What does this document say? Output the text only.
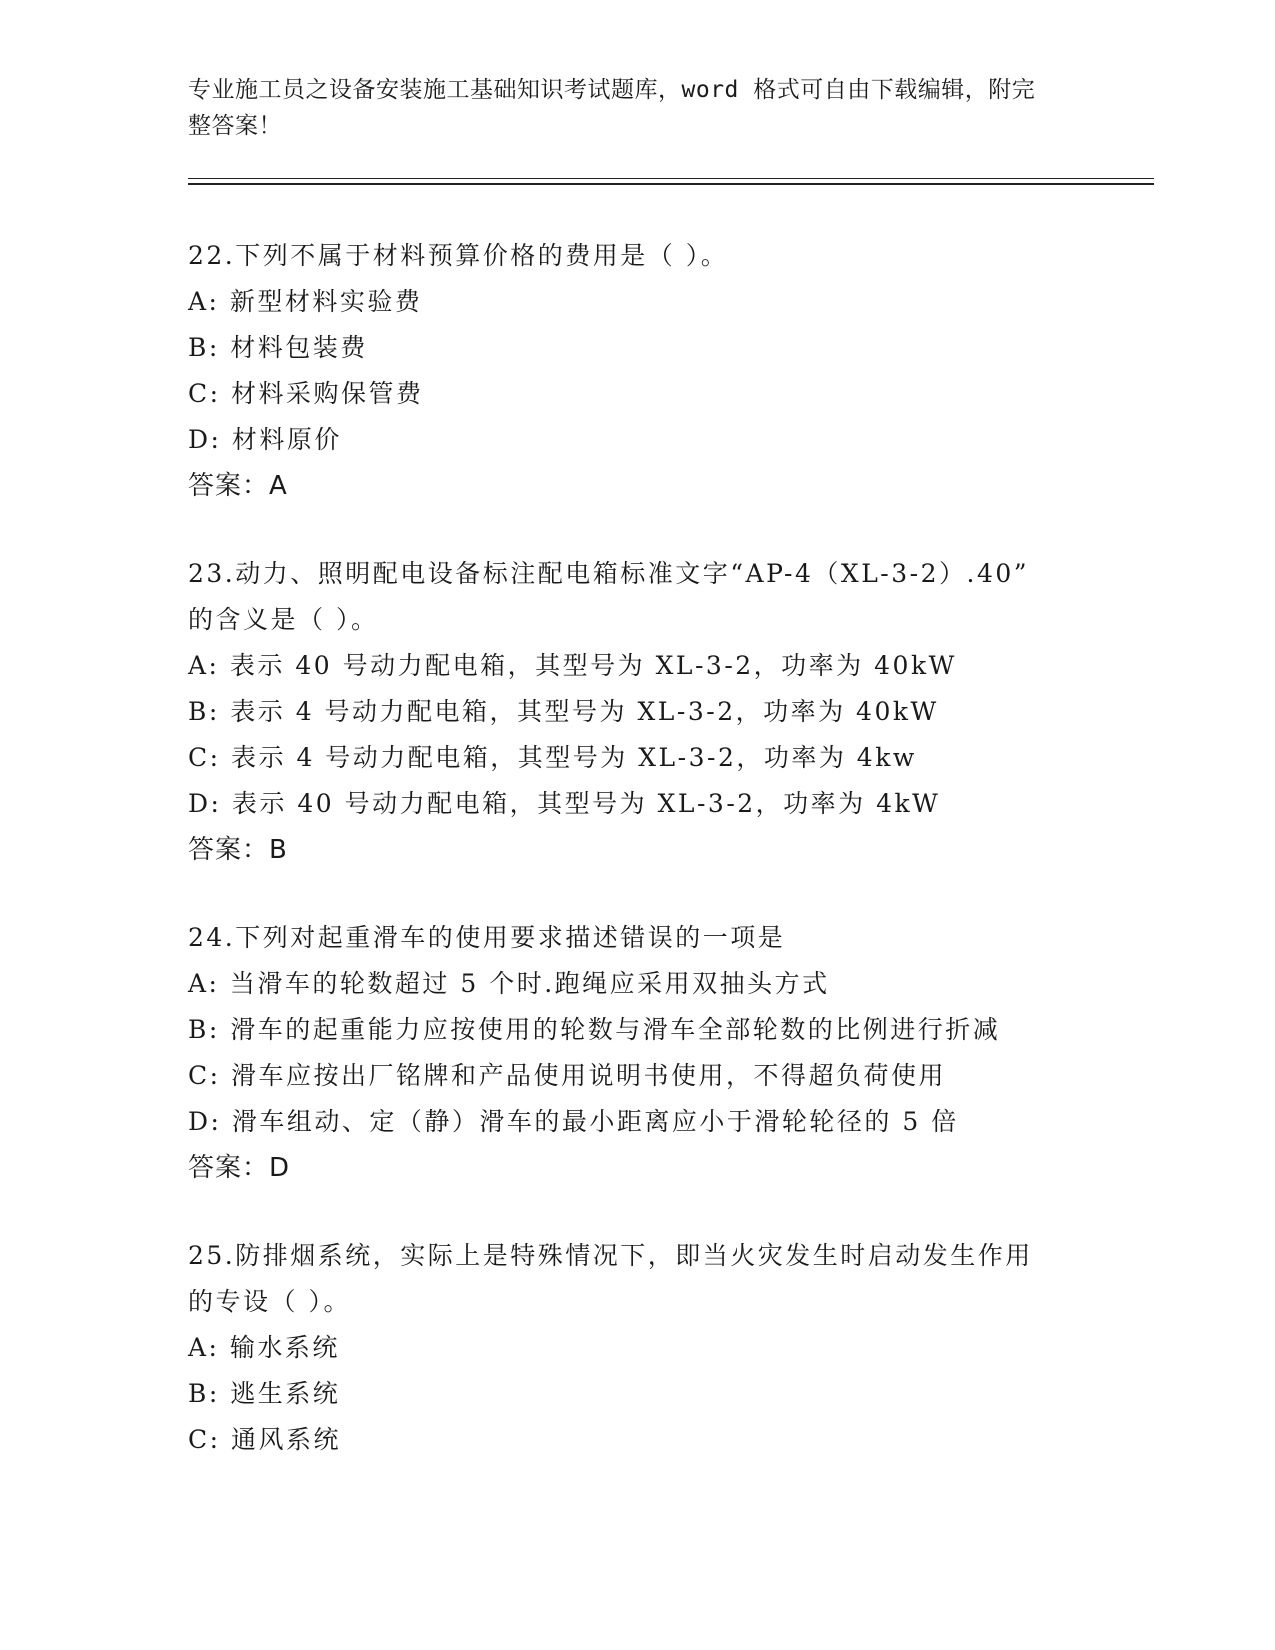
专业施工员之设备安装施工基础知识考试题库，word 格式可自由下载编辑，附完
整答案！
22.下列不属于材料预算价格的费用是（ ）。
A: 新型材料实验费
B: 材料包装费
C: 材料采购保管费
D: 材料原价
答案：A
23.动力、照明配电设备标注配电箱标准文字“AP-4（XL-3-2）.40”
的含义是（ ）。
A: 表示 40 号动力配电箱，其型号为 XL-3-2，功率为 40kW
B: 表示 4 号动力配电箱，其型号为 XL-3-2，功率为 40kW
C: 表示 4 号动力配电箱，其型号为 XL-3-2，功率为 4kw
D: 表示 40 号动力配电箱，其型号为 XL-3-2，功率为 4kW
答案：B
24.下列对起重滑车的使用要求描述错误的一项是
A: 当滑车的轮数超过 5 个时.跑绳应采用双抽头方式
B: 滑车的起重能力应按使用的轮数与滑车全部轮数的比例进行折减
C: 滑车应按出厂铭牌和产品使用说明书使用，不得超负荷使用
D: 滑车组动、定（静）滑车的最小距离应小于滑轮轮径的 5 倍
答案：D
25.防排烟系统，实际上是特殊情况下，即当火灾发生时启动发生作用
的专设（ ）。
A: 输水系统
B: 逃生系统
C: 通风系统
